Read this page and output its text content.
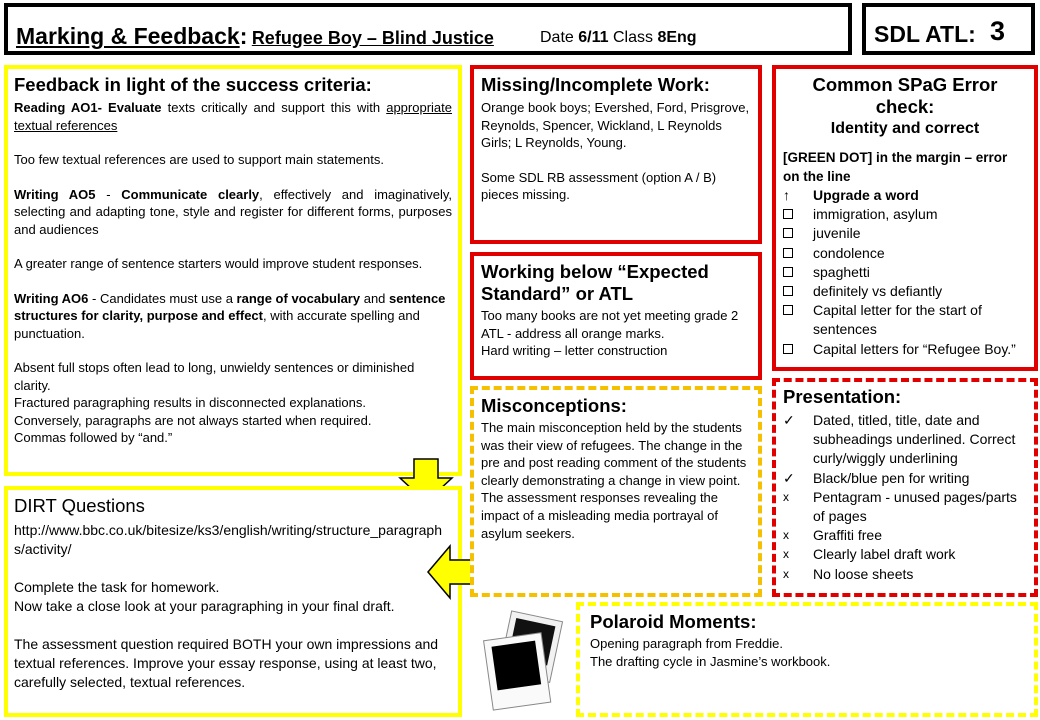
Marking & Feedback: Refugee Boy – Blind Justice	Date 6/11 Class 8Eng	SDL ATL: 3
Feedback in light of the success criteria:
Reading AO1- Evaluate texts critically and support this with appropriate textual references
Too few textual references are used to support main statements.
Writing AO5 - Communicate clearly, effectively and imaginatively, selecting and adapting tone, style and register for different forms, purposes and audiences
A greater range of sentence starters would improve student responses.
Writing AO6 - Candidates must use a range of vocabulary and sentence structures for clarity, purpose and effect, with accurate spelling and punctuation.
Absent full stops often lead to long, unwieldy sentences or diminished clarity.
Fractured paragraphing results in disconnected explanations.
Conversely, paragraphs are not always started when required.
Commas followed by “and.”
DIRT Questions
http://www.bbc.co.uk/bitesize/ks3/english/writing/structure_paragraphs/activity/
Complete the task for homework.
Now take a close look at your paragraphing in your final draft.
The assessment question required BOTH your own impressions and textual references. Improve your essay response, using at least two, carefully selected, textual references.
Missing/Incomplete Work:
Orange book boys; Evershed, Ford, Prisgrove, Reynolds, Spencer, Wickland, L Reynolds
Girls; L Reynolds, Young.
Some SDL RB assessment (option A / B) pieces missing.
Working below “Expected Standard” or ATL
Too many books are not yet meeting grade 2 ATL - address all orange marks.
Hard writing – letter construction
Misconceptions:
The main misconception held by the students was their view of refugees. The change in the pre and post reading comment of the students clearly demonstrating a change in view point. The assessment responses revealing the impact of a misleading media portrayal of asylum seekers.
Common SPaG Error check:
Identity and correct
[GREEN DOT] in the margin – error on the line
↑	Upgrade a word
immigration, asylum
juvenile
condolence
spaghetti
definitely vs defiantly
Capital letter for the start of sentences
Capital letters for “Refugee Boy.”
Presentation:
✓	Dated, titled, title, date and subheadings underlined. Correct curly/wiggly underlining
✓	Black/blue pen for writing
x	Pentagram - unused pages/parts of pages
x	Graffiti free
x	Clearly label draft work
x	No loose sheets
Polaroid Moments:
Opening paragraph from Freddie.
The drafting cycle in Jasmine’s workbook.
